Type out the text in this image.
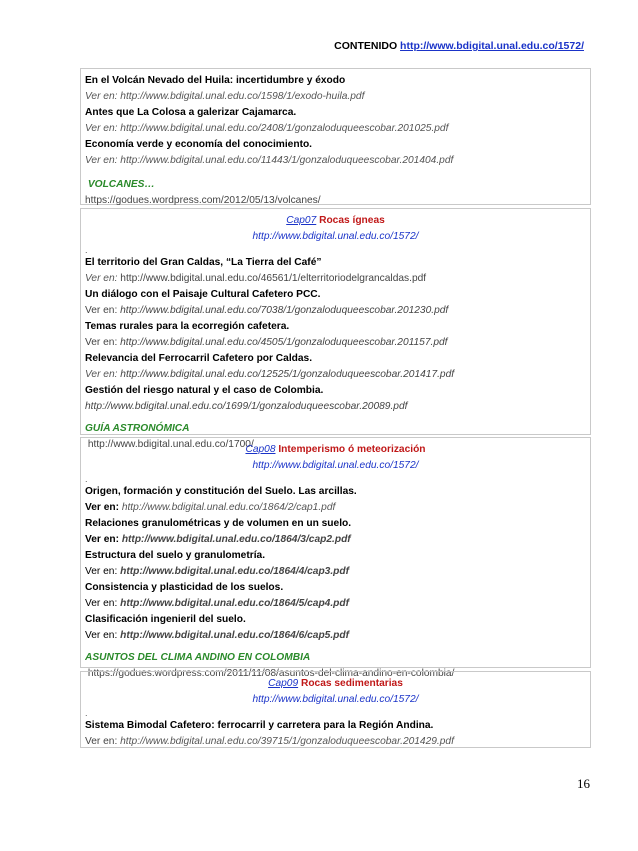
CONTENIDO http://www.bdigital.unal.edu.co/1572/
En el Volcán Nevado del Huila: incertidumbre y éxodo
Ver en: http://www.bdigital.unal.edu.co/1598/1/exodo-huila.pdf
Antes que La Colosa a galerizar Cajamarca.
Ver en: http://www.bdigital.unal.edu.co/2408/1/gonzaloduqueescobar.201025.pdf
Economía verde y economía del conocimiento.
Ver en: http://www.bdigital.unal.edu.co/11443/1/gonzaloduqueescobar.201404.pdf
VOLCANES…
https://godues.wordpress.com/2012/05/13/volcanes/
Cap07 Rocas ígneas
http://www.bdigital.unal.edu.co/1572/
.
El territorio del Gran Caldas, “La Tierra del Café”
Ver en: http://www.bdigital.unal.edu.co/46561/1/elterritoriodelgrancaldas.pdf
Un diálogo con el Paisaje Cultural Cafetero PCC.
Ver en: http://www.bdigital.unal.edu.co/7038/1/gonzaloduqueescobar.201230.pdf
Temas rurales para la ecorregión cafetera.
Ver en: http://www.bdigital.unal.edu.co/4505/1/gonzaloduqueescobar.201157.pdf
Relevancia del Ferrocarril Cafetero por Caldas.
Ver en: http://www.bdigital.unal.edu.co/12525/1/gonzaloduqueescobar.201417.pdf
Gestión del riesgo natural y el caso de Colombia.
http://www.bdigital.unal.edu.co/1699/1/gonzaloduqueescobar.20089.pdf
GUÍA ASTRONÓMICA
http://www.bdigital.unal.edu.co/1700/
Cap08 Intemperismo ó meteorización
http://www.bdigital.unal.edu.co/1572/
.
Origen, formación y constitución del Suelo. Las arcillas.
Ver en: http://www.bdigital.unal.edu.co/1864/2/cap1.pdf
Relaciones granulométricas y de volumen en un suelo.
Ver en: http://www.bdigital.unal.edu.co/1864/3/cap2.pdf
Estructura del suelo y granulometría.
Ver en: http://www.bdigital.unal.edu.co/1864/4/cap3.pdf
Consistencia y plasticidad de los suelos.
Ver en: http://www.bdigital.unal.edu.co/1864/5/cap4.pdf
Clasificación ingenieril del suelo.
Ver en: http://www.bdigital.unal.edu.co/1864/6/cap5.pdf
ASUNTOS DEL CLIMA ANDINO EN COLOMBIA
https://godues.wordpress.com/2011/11/08/asuntos-del-clima-andino-en-colombia/
Cap09 Rocas sedimentarias
http://www.bdigital.unal.edu.co/1572/
.
Sistema Bimodal Cafetero: ferrocarril y carretera para la Región Andina.
Ver en: http://www.bdigital.unal.edu.co/39715/1/gonzaloduqueescobar.201429.pdf
16
